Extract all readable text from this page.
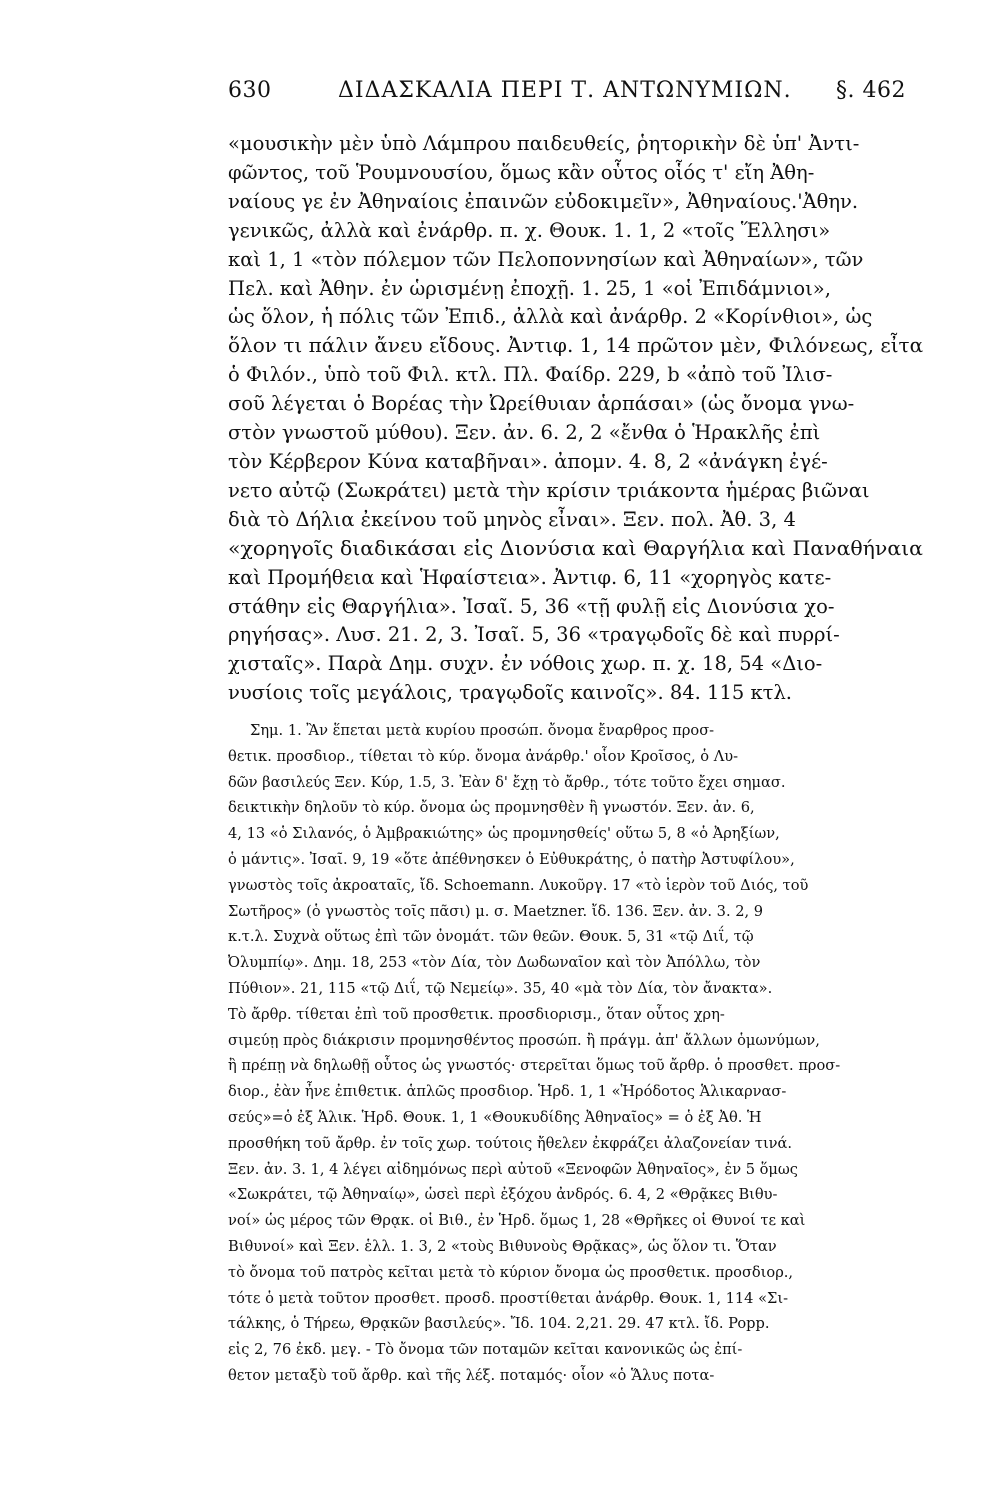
630	ΔΙΔΑΣΚΑΛΙΑ ΠΕΡΙ Τ. ΑΝΤΩΝΥΜΙΩΝ. §. 462
«μουσικὴν μὲν ὑπὸ Λάμπρου παιδευθείς, ῥητορικὴν δὲ ὑπ' Ἀντι-
φῶντος, τοῦ Ῥουμνουσίου, ὅμως κἂν οὗτος οἷός τ' εἴη Ἀθη-
ναίους γε ἐν Ἀθηναίοις ἐπαινῶν εὐδοκιμεῖν», Ἀθηναίους.'Ἀθην.
γενικῶς, ἀλλὰ καὶ ἐνάρθρ. π. χ. Θουκ. 1. 1, 2 «τοῖς Ἕλλησι»
καὶ 1, 1 «τὸν πόλεμον τῶν Πελοποννησίων καὶ Ἀθηναίων», τῶν
Πελ. καὶ Ἀθην. ἐν ὡρισμένῃ ἐποχῇ. 1. 25, 1 «οἱ Ἐπιδάμνιοι»,
ὡς ὅλον, ἡ πόλις τῶν Ἐπιδ., ἀλλὰ καὶ ἀνάρθρ. 2 «Κορίνθιοι», ὡς
ὅλον τι πάλιν ἄνευ εἴδους. Ἀντιφ. 1, 14 πρῶτον μὲν, Φιλόνεως, εἶτα
ὁ Φιλόν., ὑπὸ τοῦ Φιλ. κτλ. Πλ. Φαίδρ. 229, b «ἀπὸ τοῦ Ἰλισ-
σοῦ λέγεται ὁ Βορέας τὴν Ὠρείθυιαν ἁρπάσαι» (ὡς ὄνομα γνω-
στὸν γνωστοῦ μύθου). Ξεν. ἀν. 6. 2, 2 «ἔνθα ὁ Ἡρακλῆς ἐπὶ
τὸν Κέρβερον Κύνα καταβῆναι». ἀπομν. 4. 8, 2 «ἀνάγκη ἐγέ-
νετο αὐτῷ (Σωκράτει) μετὰ τὴν κρίσιν τριάκοντα ἡμέρας βιῶναι
διὰ τὸ Δήλια ἐκείνου τοῦ μηνὸς εἶναι». Ξεν. πολ. Ἀθ. 3, 4
«χορηγοῖς διαδικάσαι εἰς Διονύσια καὶ Θαργήλια καὶ Παναθήναια
καὶ Προμήθεια καὶ Ἡφαίστεια». Ἀντιφ. 6, 11 «χορηγὸς κατε-
στάθην εἰς Θαργήλια». Ἰσαῖ. 5, 36 «τῇ φυλῇ εἰς Διονύσια χο-
ρηγήσας». Λυσ. 21. 2, 3. Ἰσαῖ. 5, 36 «τραγῳδοῖς δὲ καὶ πυρρί-
χισταῖς». Παρὰ Δημ. συχν. ἐν νόθοις χωρ. π. χ. 18, 54 «Διο-
νυσίοις τοῖς μεγάλοις, τραγῳδοῖς καινοῖς». 84. 115 κτλ.
Σημ. 1. Ἂν ἕπεται μετὰ κυρίου προσώπ. ὄνομα ἔναρθρος προσ-
θετικ. προσδιορ., τίθεται τὸ κύρ. ὄνομα ἀνάρθρ.' οἷον Κροῖσος, ὁ Λυ-
δῶν βασιλεύς Ξεν. Κύρ, 1.5, 3. Ἐὰν δ' ἔχῃ τὸ ἄρθρ., τότε τοῦτο ἔχει σημασ.
δεικτικὴν δηλοῦν τὸ κύρ. ὄνομα ὡς προμνησθὲν ἢ γνωστόν. Ξεν. ἀν. 6,
4, 13 «ὁ Σιλανός, ὁ Ἀμβρακιώτης» ὡς προμνησθείς' οὕτω 5, 8 «ὁ Ἀρηξίων,
ὁ μάντις». Ἰσαῖ. 9, 19 «ὅτε ἀπέθνησκεν ὁ Εὐθυκράτης, ὁ πατὴρ Ἀστυφίλου»,
γνωστὸς τοῖς ἀκροαταῖς, ἴδ. Schoemann. Λυκοῦργ. 17 «τὸ ἱερὸν τοῦ Διός, τοῦ
Σωτῆρος» (ὁ γνωστὸς τοῖς πᾶσι) μ. σ. Maetzner. ἴδ. 136. Ξεν. ἀν. 3. 2, 9
κ.τ.λ. Συχνὰ οὕτως ἐπὶ τῶν ὀνομάτ. τῶν θεῶν. Θουκ. 5, 31 «τῷ Διΐ, τῷ
Ὀλυμπίῳ». Δημ. 18, 253 «τὸν Δία, τὸν Δωδωναῖον καὶ τὸν Ἀπόλλω, τὸν
Πύθιον». 21, 115 «τῷ Διΐ, τῷ Νεμείῳ». 35, 40 «μὰ τὸν Δία, τὸν ἄνακτα».
Τὸ ἄρθρ. τίθεται ἐπὶ τοῦ προσθετικ. προσδιορισμ., ὅταν οὗτος χρη-
σιμεύῃ πρὸς διάκρισιν προμνησθέντος προσώπ. ἢ πράγμ. ἀπ' ἄλλων ὁμωνύμων,
ἢ πρέπῃ νὰ δηλωθῇ οὗτος ὡς γνωστός· στερεῖται ὅμως τοῦ ἄρθρ. ὁ προσθετ. προσ-
διορ., ἐὰν ἦνε ἐπιθετικ. ἁπλῶς προσδιορ. Ἡρδ. 1, 1 «Ἡρόδοτος Ἁλικαρνασ-
σεύς»=ὁ ἐξ Ἁλικ. Ἡρδ. Θουκ. 1, 1 «Θουκυδίδης Ἀθηναῖος» = ὁ ἐξ Ἀθ. Ἡ
προσθήκη τοῦ ἄρθρ. ἐν τοῖς χωρ. τούτοις ἤθελεν ἐκφράζει ἀλαζονείαν τινά.
Ξεν. ἀν. 3. 1, 4 λέγει αἰδημόνως περὶ αὐτοῦ «Ξενοφῶν Ἀθηναῖος», ἐν 5 ὅμως
«Σωκράτει, τῷ Ἀθηναίῳ», ὡσεὶ περὶ ἐξόχου ἀνδρός. 6. 4, 2 «Θρᾷκες Βιθυ-
νοί» ὡς μέρος τῶν Θρᾳκ. οἱ Βιθ., ἐν Ἡρδ. ὅμως 1, 28 «Θρῆκες οἱ Θυνοί τε καὶ
Βιθυνοί» καὶ Ξεν. ἑλλ. 1. 3, 2 «τοὺς Βιθυνοὺς Θρᾷκας», ὡς ὅλον τι. Ὅταν
τὸ ὄνομα τοῦ πατρὸς κεῖται μετὰ τὸ κύριον ὄνομα ὡς προσθετικ. προσδιορ.,
τότε ὁ μετὰ τοῦτον προσθετ. προσδ. προστίθεται ἀνάρθρ. Θουκ. 1, 114 «Σι-
τάλκης, ὁ Τήρεω, Θρᾳκῶν βασιλεύς». Ἴδ. 104. 2,21. 29. 47 κτλ. ἴδ. Popp.
εἰς 2, 76 ἐκδ. μεγ. - Τὸ ὄνομα τῶν ποταμῶν κεῖται κανονικῶς ὡς ἐπί-
θετον μεταξὺ τοῦ ἄρθρ. καὶ τῆς λέξ. ποταμός· οἷον «ὁ Ἅλυς ποτα-
